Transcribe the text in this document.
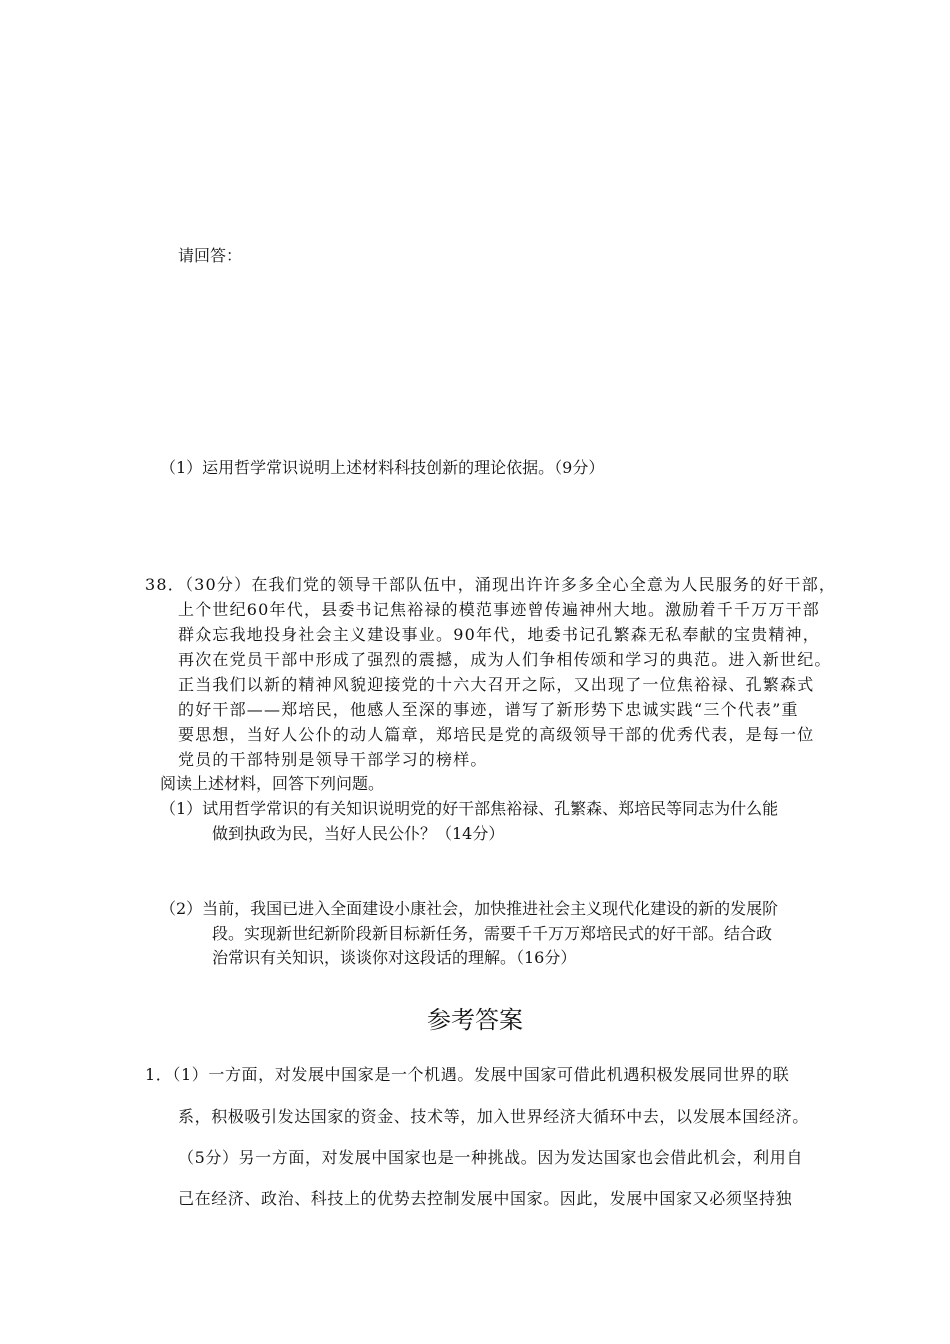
请回答：
（1）运用哲学常识说明上述材料科技创新的理论依据。（9分）
38．（30分）在我们党的领导干部队伍中，涌现出许许多多全心全意为人民服务的好干部，
上个世纪60年代，县委书记焦裕禄的模范事迹曾传遍神州大地。激励着千千万万干部
群众忘我地投身社会主义建设事业。90年代，地委书记孔繁森无私奉献的宝贵精神，
再次在党员干部中形成了强烈的震撼，成为人们争相传颂和学习的典范。进入新世纪。
正当我们以新的精神风貌迎接党的十六大召开之际，又出现了一位焦裕禄、孔繁森式
的好干部——郑培民，他感人至深的事迹，谱写了新形势下忠诚实践“三个代表”重
要思想，当好人公仆的动人篇章，郑培民是党的高级领导干部的优秀代表，是每一位
党员的干部特别是领导干部学习的榜样。
阅读上述材料，回答下列问题。
（1）试用哲学常识的有关知识说明党的好干部焦裕禄、孔繁森、郑培民等同志为什么能
做到执政为民，当好人民公仆？（14分）
（2）当前，我国已进入全面建设小康社会，加快推进社会主义现代化建设的新的发展阶
段。实现新世纪新阶段新目标新任务，需要千千万万郑培民式的好干部。结合政
治常识有关知识，谈谈你对这段话的理解。（16分）
参考答案
1．（1）一方面，对发展中国家是一个机遇。发展中国家可借此机遇积极发展同世界的联
系，积极吸引发达国家的资金、技术等，加入世界经济大循环中去，以发展本国经济。
（5分）另一方面，对发展中国家也是一种挑战。因为发达国家也会借此机会，利用自
己在经济、政治、科技上的优势去控制发展中国家。因此，发展中国家又必须坚持独
